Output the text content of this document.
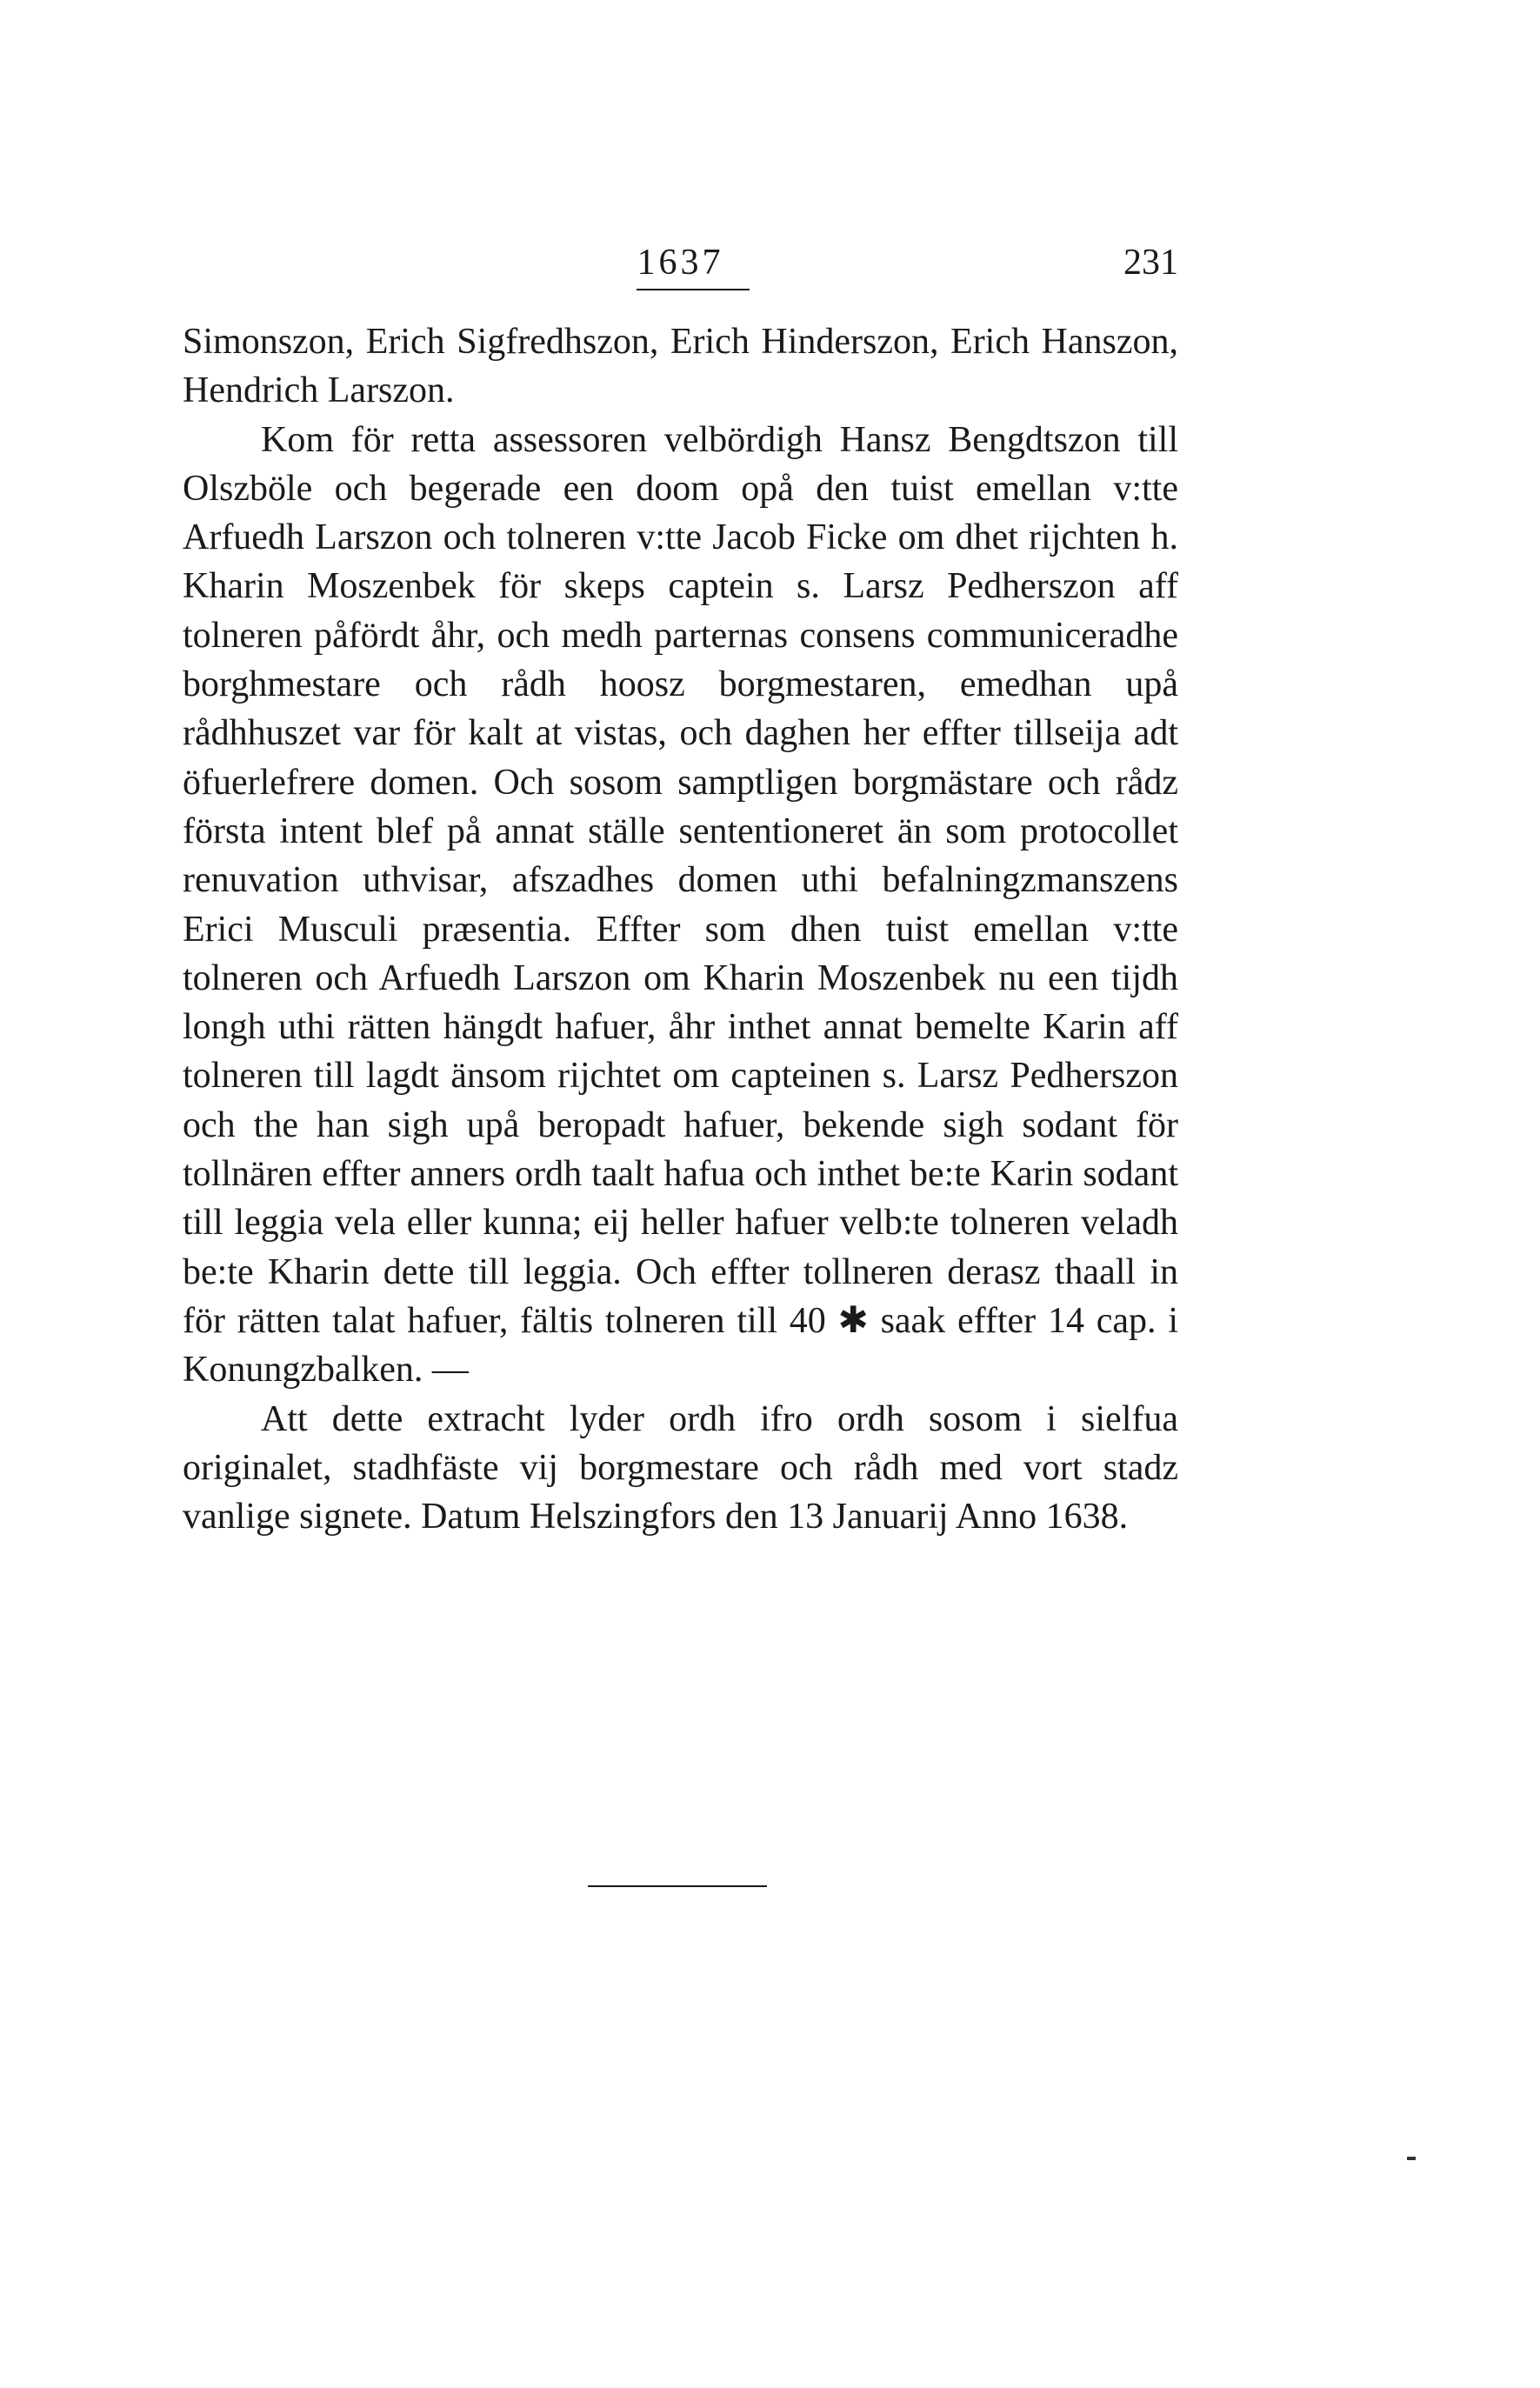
1637	231

Simonszon, Erich Sigfredhszon, Erich Hinderszon, Erich Hanszon, Hendrich Larszon.

Kom för retta assessoren velbördigh Hansz Bengdtszon till Olszböle och begerade een doom opå den tuist emellan v:tte Arfuedh Larszon och tolneren v:tte Jacob Ficke om dhet rijchten h. Kharin Moszenbek för skeps captein s. Larsz Pedherszon aff tolneren påfördt åhr, och medh parternas consens communiceradhe borghmestare och rådh hoosz borgmestaren, emedhan upå rådhhuszet var för kalt at vistas, och daghen her effter tillseija adt öfuerlefrere domen. Och sosom samptligen borgmästare och rådz första intent blef på annat ställe sententioneret än som protocollet renuvation uthvisar, afszadhes domen uthi befalningzmanszens Erici Musculi præsentia. Effter som dhen tuist emellan v:tte tolneren och Arfuedh Larszon om Kharin Moszenbek nu een tijdh longh uthi rätten hängdt hafuer, åhr inthet annat bemelte Karin aff tolneren till lagdt änsom rijchtet om capteinen s. Larsz Pedherszon och the han sigh upå beropadt hafuer, bekende sigh sodant för tollnären effter anners ordh taalt hafua och inthet be:te Karin sodant till leggia vela eller kunna; eij heller hafuer velb:te tolneren veladh be:te Kharin dette till leggia. Och effter tollneren derasz thaall in för rätten talat hafuer, fältis tolneren till 40 ✱ saak effter 14 cap. i Konungzbalken. —

Att dette extracht lyder ordh ifro ordh sosom i sielfua originalet, stadhfäste vij borgmestare och rådh med vort stadz vanlige signete. Datum Helszingfors den 13 Januarij Anno 1638.
